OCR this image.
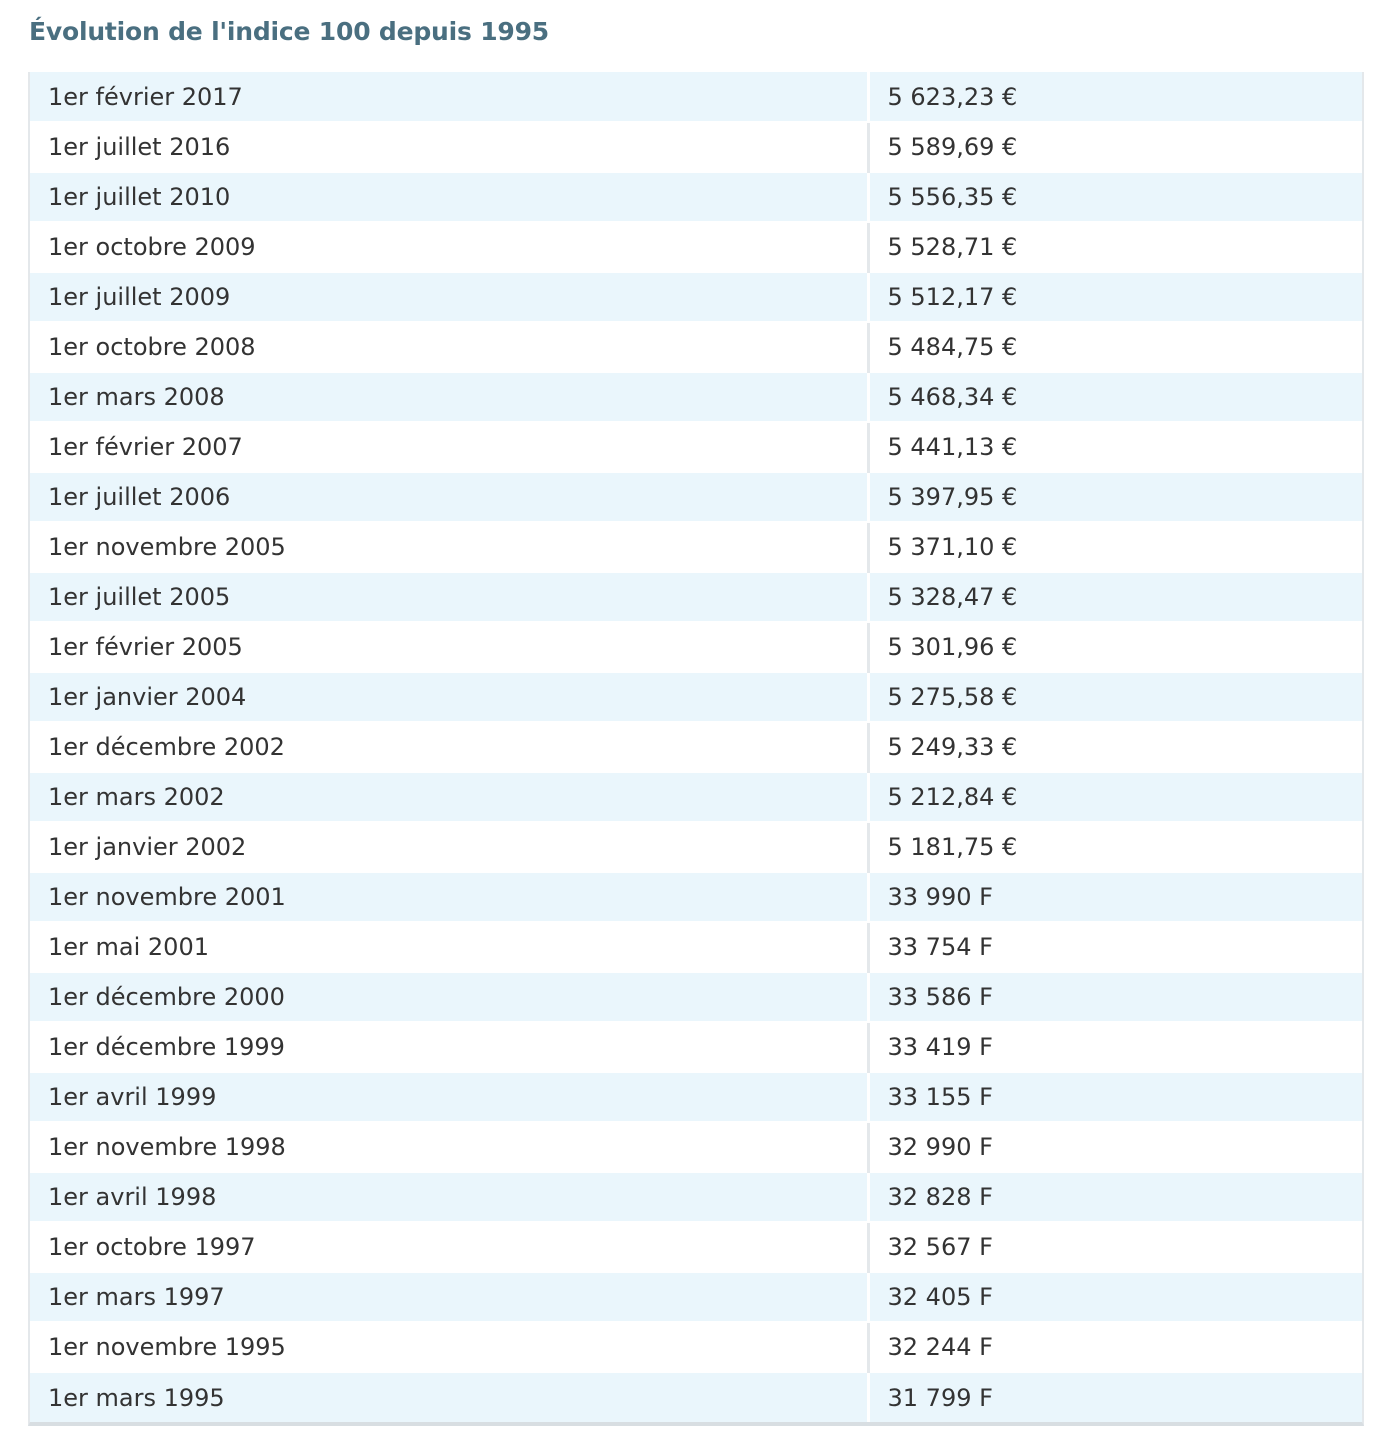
Évolution de l'indice 100 depuis 1995
1er février 2017	5 623,23 €
1er juillet 2016	5 589,69 €
1er juillet 2010	5 556,35 €
1er octobre 2009	5 528,71 €
1er juillet 2009	5 512,17 €
1er octobre 2008	5 484,75 €
1er mars 2008	5 468,34 €
1er février 2007	5 441,13 €
1er juillet 2006	5 397,95 €
1er novembre 2005	5 371,10 €
1er juillet 2005	5 328,47 €
1er février 2005	5 301,96 €
1er janvier 2004	5 275,58 €
1er décembre 2002	5 249,33 €
1er mars 2002	5 212,84 €
1er janvier 2002	5 181,75 €
1er novembre 2001	33 990 F
1er mai 2001	33 754 F
1er décembre 2000	33 586 F
1er décembre 1999	33 419 F
1er avril 1999	33 155 F
1er novembre 1998	32 990 F
1er avril 1998	32 828 F
1er octobre 1997	32 567 F
1er mars 1997	32 405 F
1er novembre 1995	32 244 F
1er mars 1995	31 799 F
